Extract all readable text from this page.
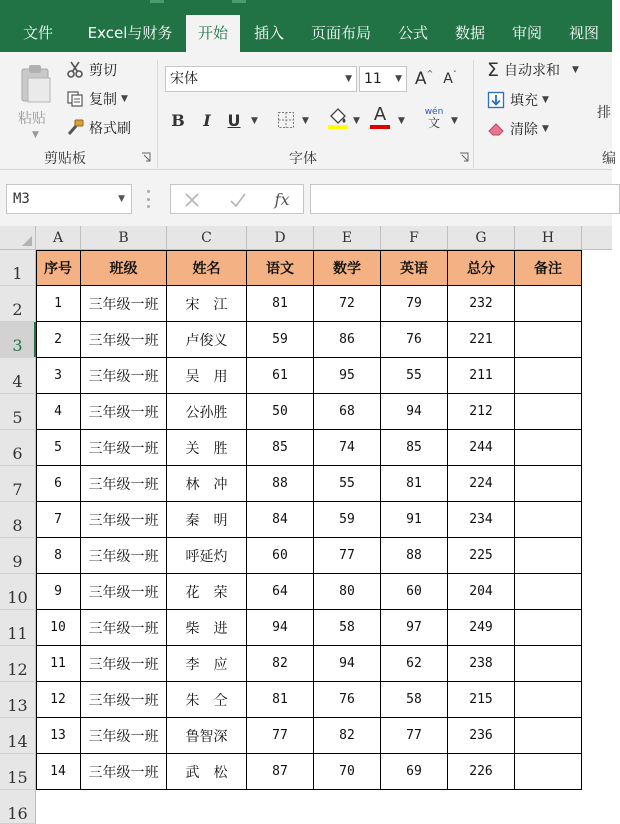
文件	Excel与财务	开始	插入	页面布局	公式	数据	审阅	视图
粘贴
▼
剪切
复制 ▼
格式刷
剪贴板
宋体	▼ 11 ▼ A ^ A ˇ
B I U ▼	▼	▼ A ▼
wén
文 ▼
字体
Σ 自动求和 ▼
填充 ▼
清除 ▼
排
编
M3	▼	fx
A	B	C	D	E	F	G	H
1
2
3
4
5
6
7
8
9
10
11
12
13
14
15
16
序号	班级	姓名	语文	数学	英语	总分	备注
1	三年级一班	宋　江	81	72	79	232
2	三年级一班	卢俊义	59	86	76	221
3	三年级一班	吴　用	61	95	55	211
4	三年级一班	公孙胜	50	68	94	212
5	三年级一班	关　胜	85	74	85	244
6	三年级一班	林　冲	88	55	81	224
7	三年级一班	秦　明	84	59	91	234
8	三年级一班	呼延灼	60	77	88	225
9	三年级一班	花　荣	64	80	60	204
10	三年级一班	柴　进	94	58	97	249
11	三年级一班	李　应	82	94	62	238
12	三年级一班	朱　仝	81	76	58	215
13	三年级一班	鲁智深	77	82	77	236
14	三年级一班	武　松	87	70	69	226
